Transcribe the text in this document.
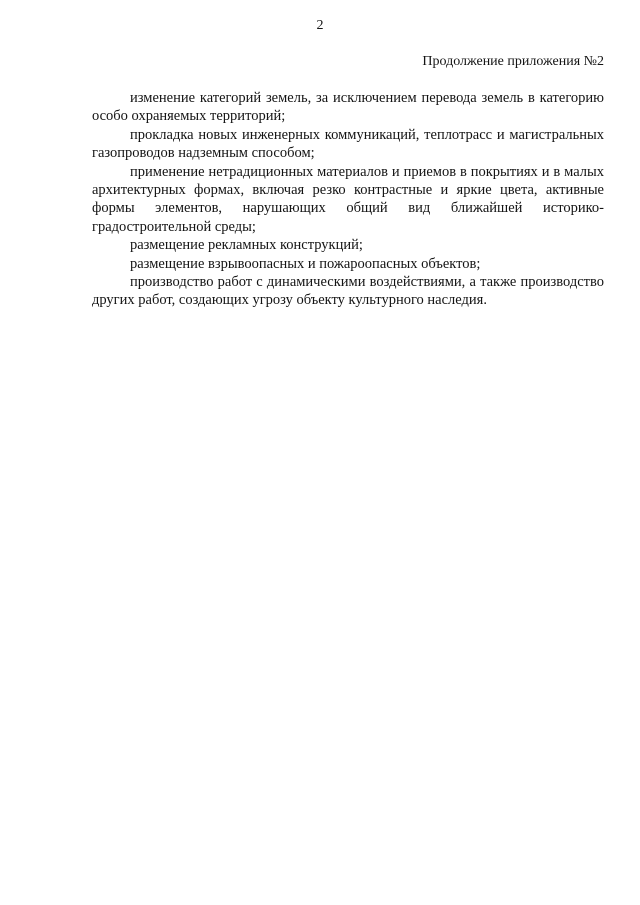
2
Продолжение приложения №2

изменение категорий земель, за исключением перевода земель в категорию особо охраняемых территорий;

прокладка новых инженерных коммуникаций, теплотрасс и магистральных газопроводов надземным способом;

применение нетрадиционных материалов и приемов в покрытиях и в малых архитектурных формах, включая резко контрастные и яркие цвета, активные формы элементов, нарушающих общий вид ближайшей историко-градостроительной среды;

размещение рекламных конструкций;

размещение взрывоопасных и пожароопасных объектов;

производство работ с динамическими воздействиями, а также производство других работ, создающих угрозу объекту культурного наследия.
